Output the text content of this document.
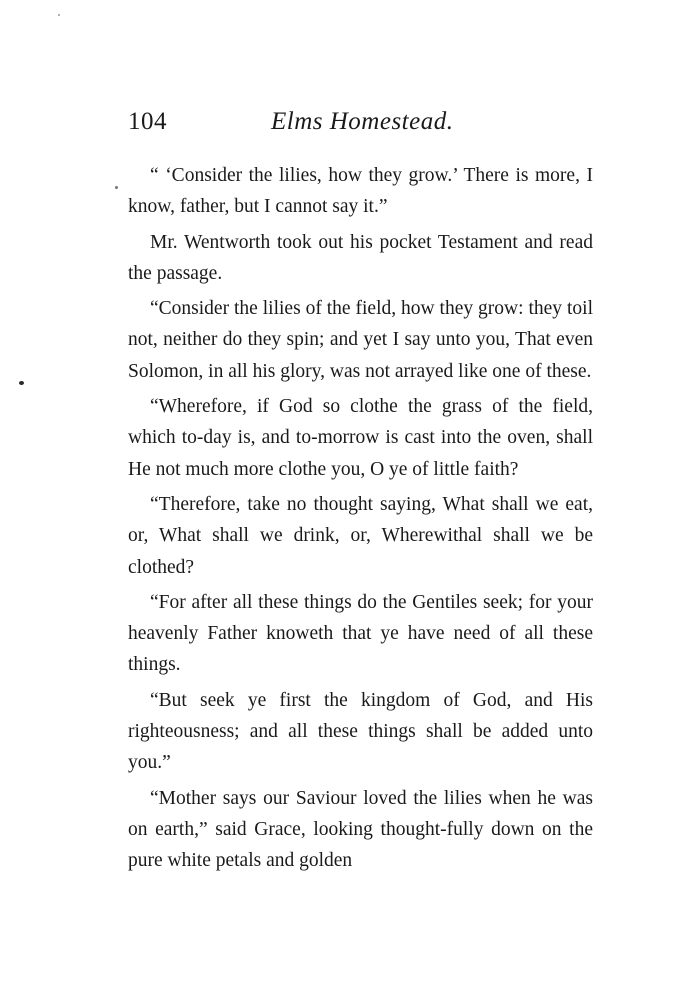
104	Elms Homestead.

“ ‘Consider the lilies, how they grow.’ There is more, I know, father, but I cannot say it.”

Mr. Wentworth took out his pocket Testament and read the passage.

“Consider the lilies of the field, how they grow: they toil not, neither do they spin; and yet I say unto you, That even Solomon, in all his glory, was not arrayed like one of these.

“Wherefore, if God so clothe the grass of the field, which to-day is, and to-morrow is cast into the oven, shall He not much more clothe you, O ye of little faith?

“Therefore, take no thought saying, What shall we eat, or, What shall we drink, or, Wherewithal shall we be clothed?

“For after all these things do the Gentiles seek; for your heavenly Father knoweth that ye have need of all these things.

“But seek ye first the kingdom of God, and His righteousness; and all these things shall be added unto you.”

“Mother says our Saviour loved the lilies when he was on earth,” said Grace, looking thought-fully down on the pure white petals and golden
